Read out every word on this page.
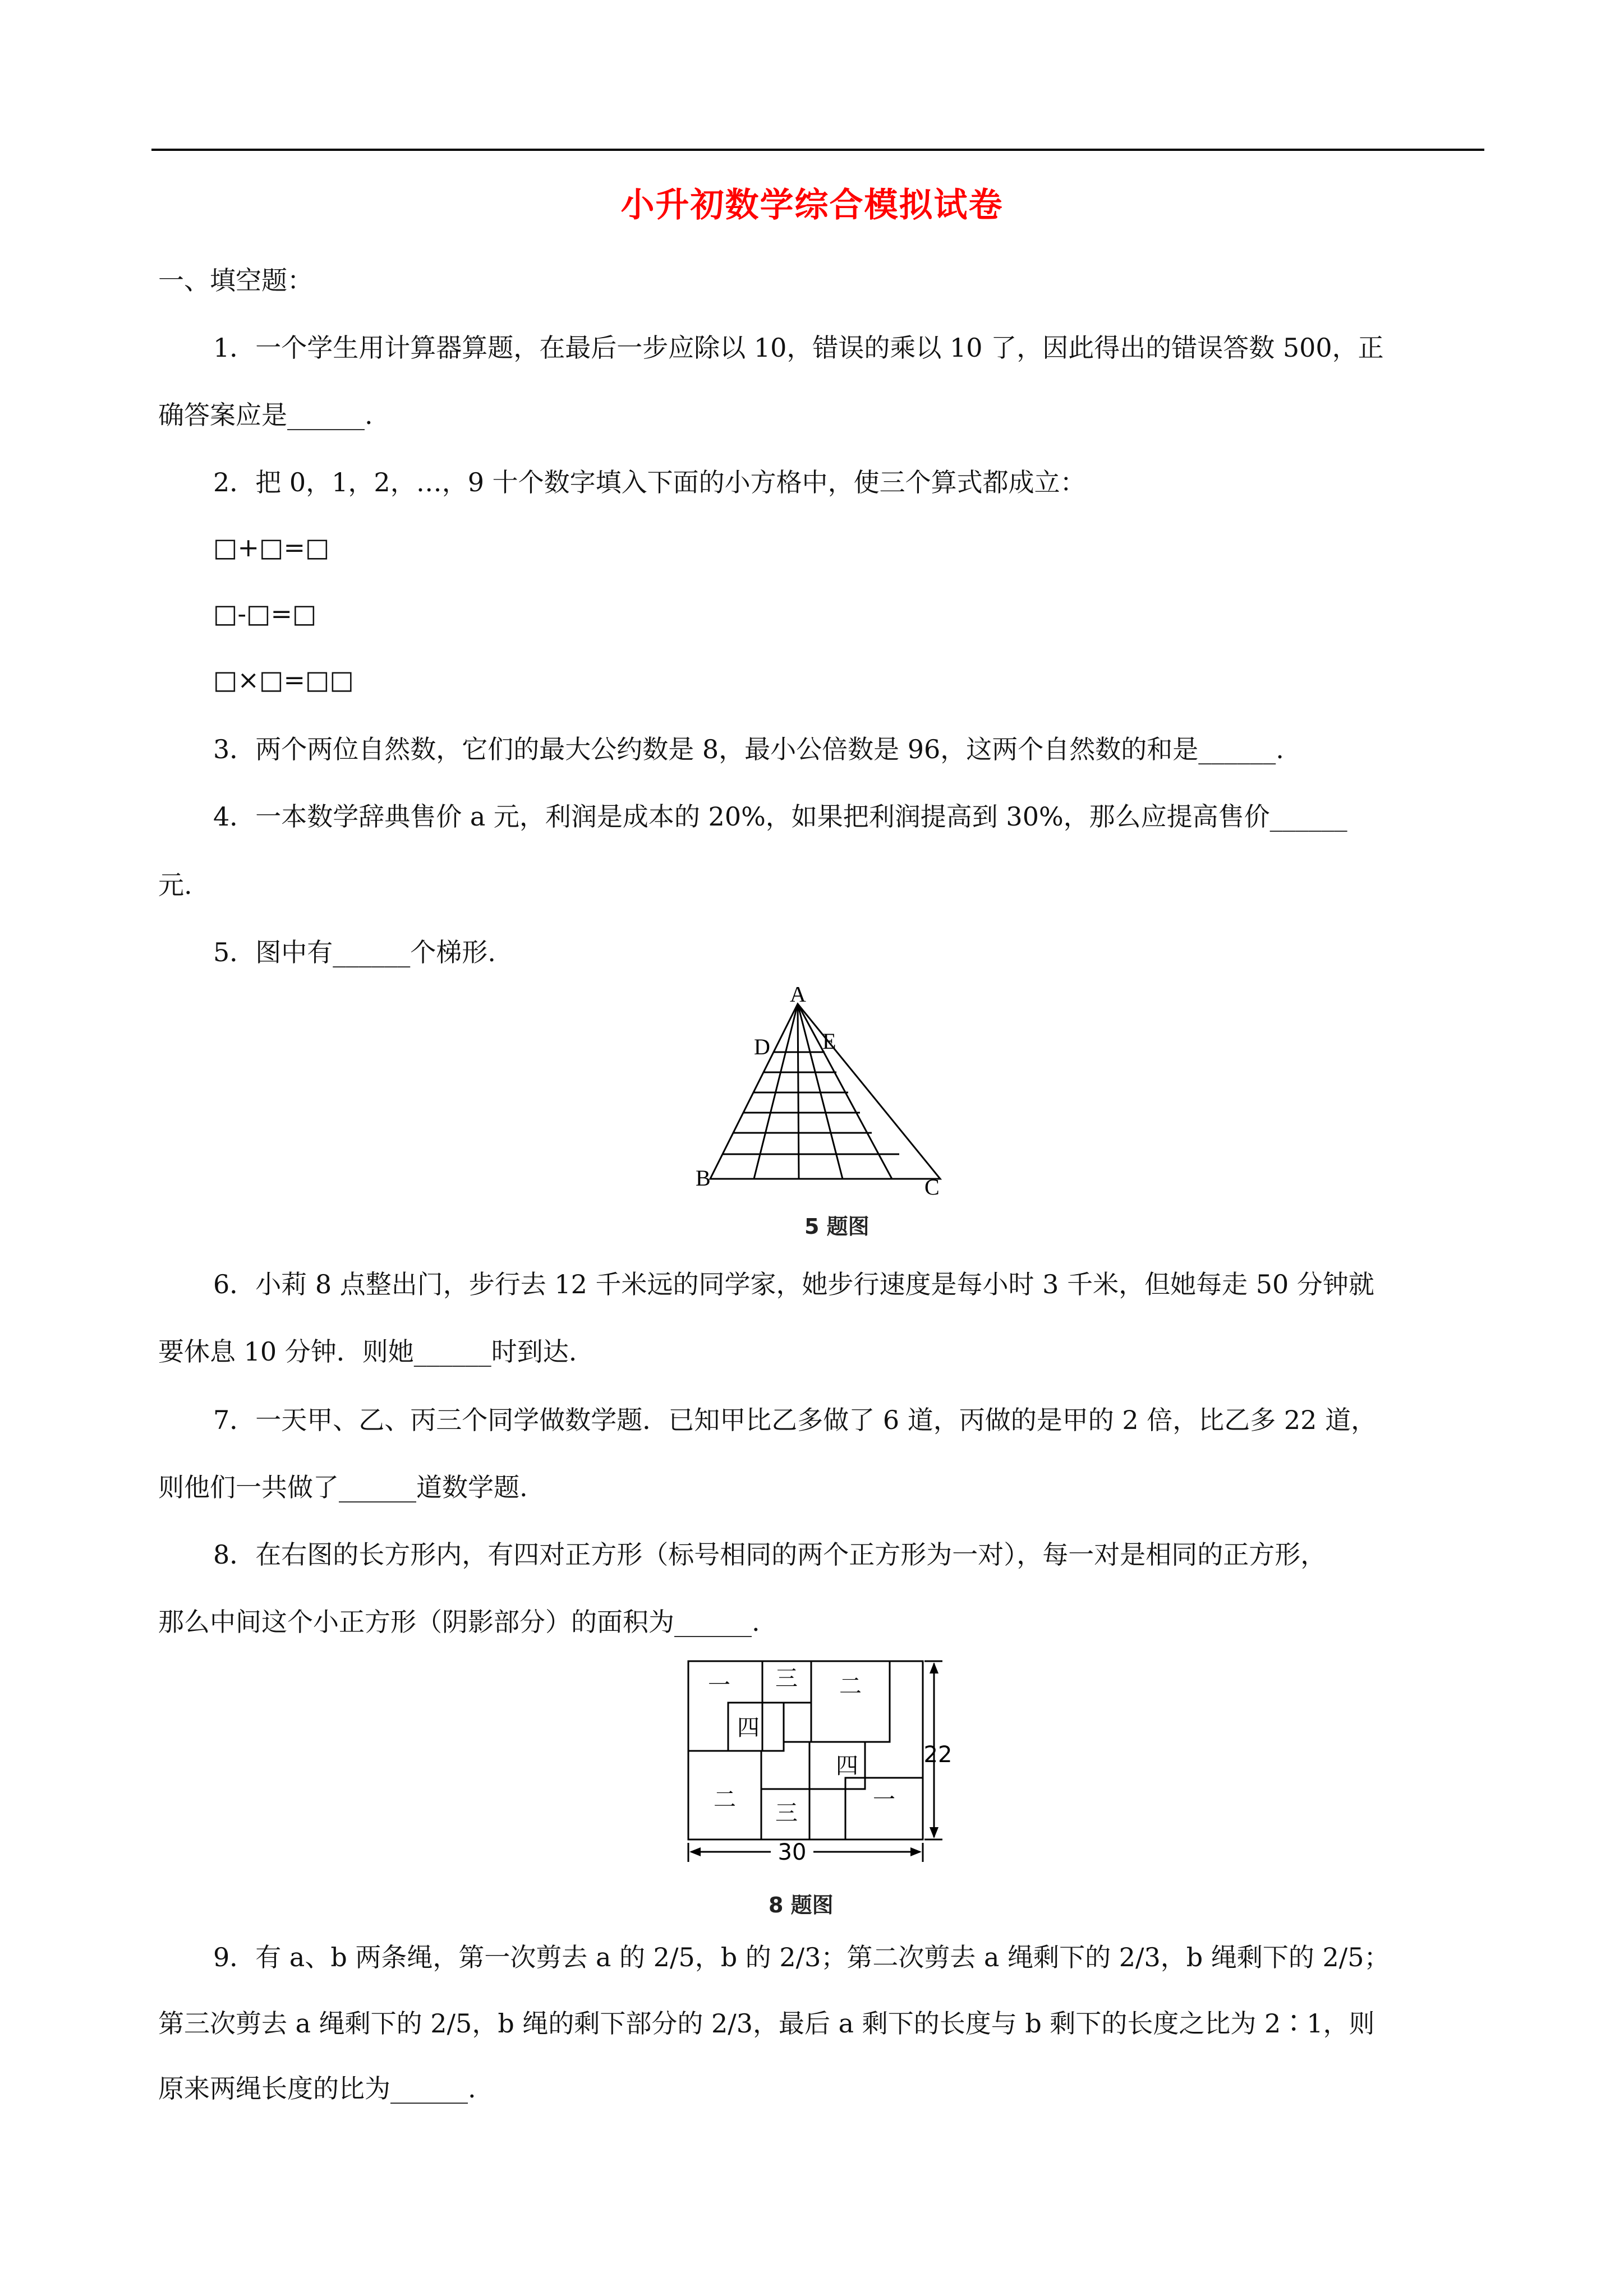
小升初数学综合模拟试卷
一、填空题：
1．一个学生用计算器算题，在最后一步应除以 10，错误的乘以 10 了，因此得出的错误答数 500，正
确答案应是______.
2．把 0，1，2，…，9 十个数字填入下面的小方格中，使三个算式都成立：
□+□=□
□-□=□
□×□=□□
3．两个两位自然数，它们的最大公约数是 8，最小公倍数是 96，这两个自然数的和是______.
4．一本数学辞典售价 a 元，利润是成本的 20%，如果把利润提高到 30%，那么应提高售价______
元.
5．图中有______个梯形.
A
D E
B	C
5 题图
6．小莉 8 点整出门，步行去 12 千米远的同学家，她步行速度是每小时 3 千米，但她每走 50 分钟就
要休息 10 分钟．则她______时到达.
7．一天甲、乙、丙三个同学做数学题．已知甲比乙多做了 6 道，丙做的是甲的 2 倍，比乙多 22 道，
则他们一共做了______道数学题.
8．在右图的长方形内，有四对正方形（标号相同的两个正方形为一对），每一对是相同的正方形，
那么中间这个小正方形（阴影部分）的面积为______.
一 三 二
四
四
二
三
一
22
30
8 题图
9．有 a、b 两条绳，第一次剪去 a 的 2/5，b 的 2/3；第二次剪去 a 绳剩下的 2/3，b 绳剩下的 2/5；
第三次剪去 a 绳剩下的 2/5，b 绳的剩下部分的 2/3，最后 a 剩下的长度与 b 剩下的长度之比为 2∶1，则
原来两绳长度的比为______.
